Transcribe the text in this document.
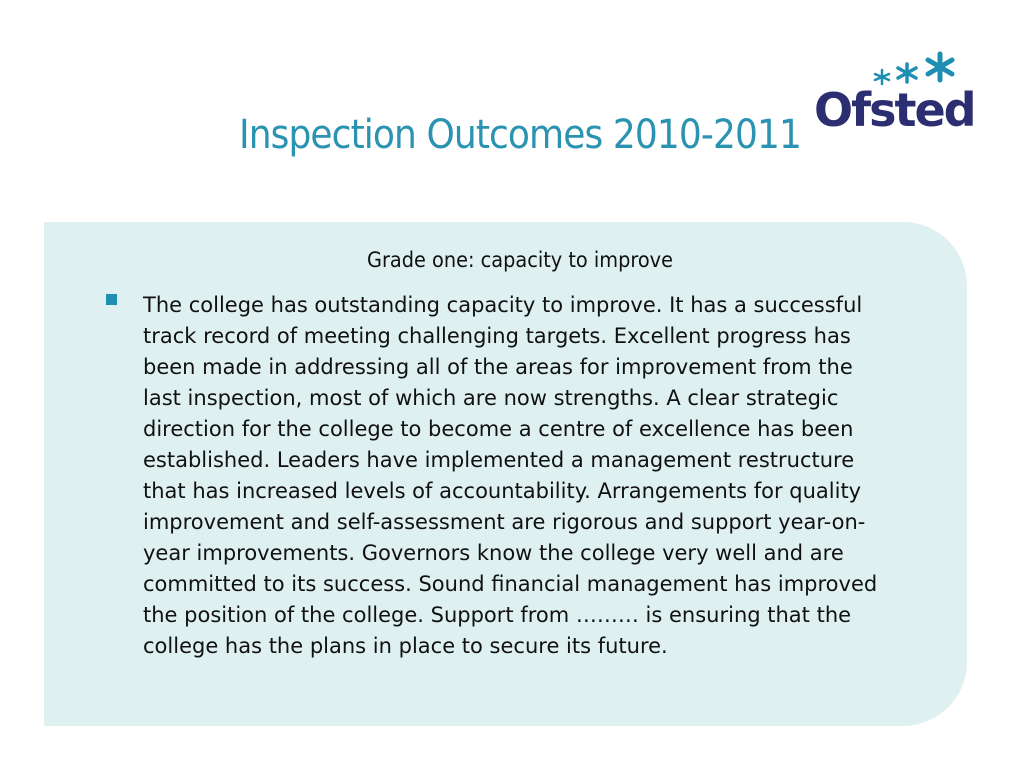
Inspection Outcomes 2010-2011 Ofsted
Grade one: capacity to improve

The college has outstanding capacity to improve. It has a successful
track record of meeting challenging targets. Excellent progress has
been made in addressing all of the areas for improvement from the
last inspection, most of which are now strengths. A clear strategic
direction for the college to become a centre of excellence has been
established. Leaders have implemented a management restructure
that has increased levels of accountability. Arrangements for quality
improvement and self-assessment are rigorous and support year-on-
year improvements. Governors know the college very well and are
committed to its success. Sound financial management has improved
the position of the college. Support from ……… is ensuring that the
college has the plans in place to secure its future.
